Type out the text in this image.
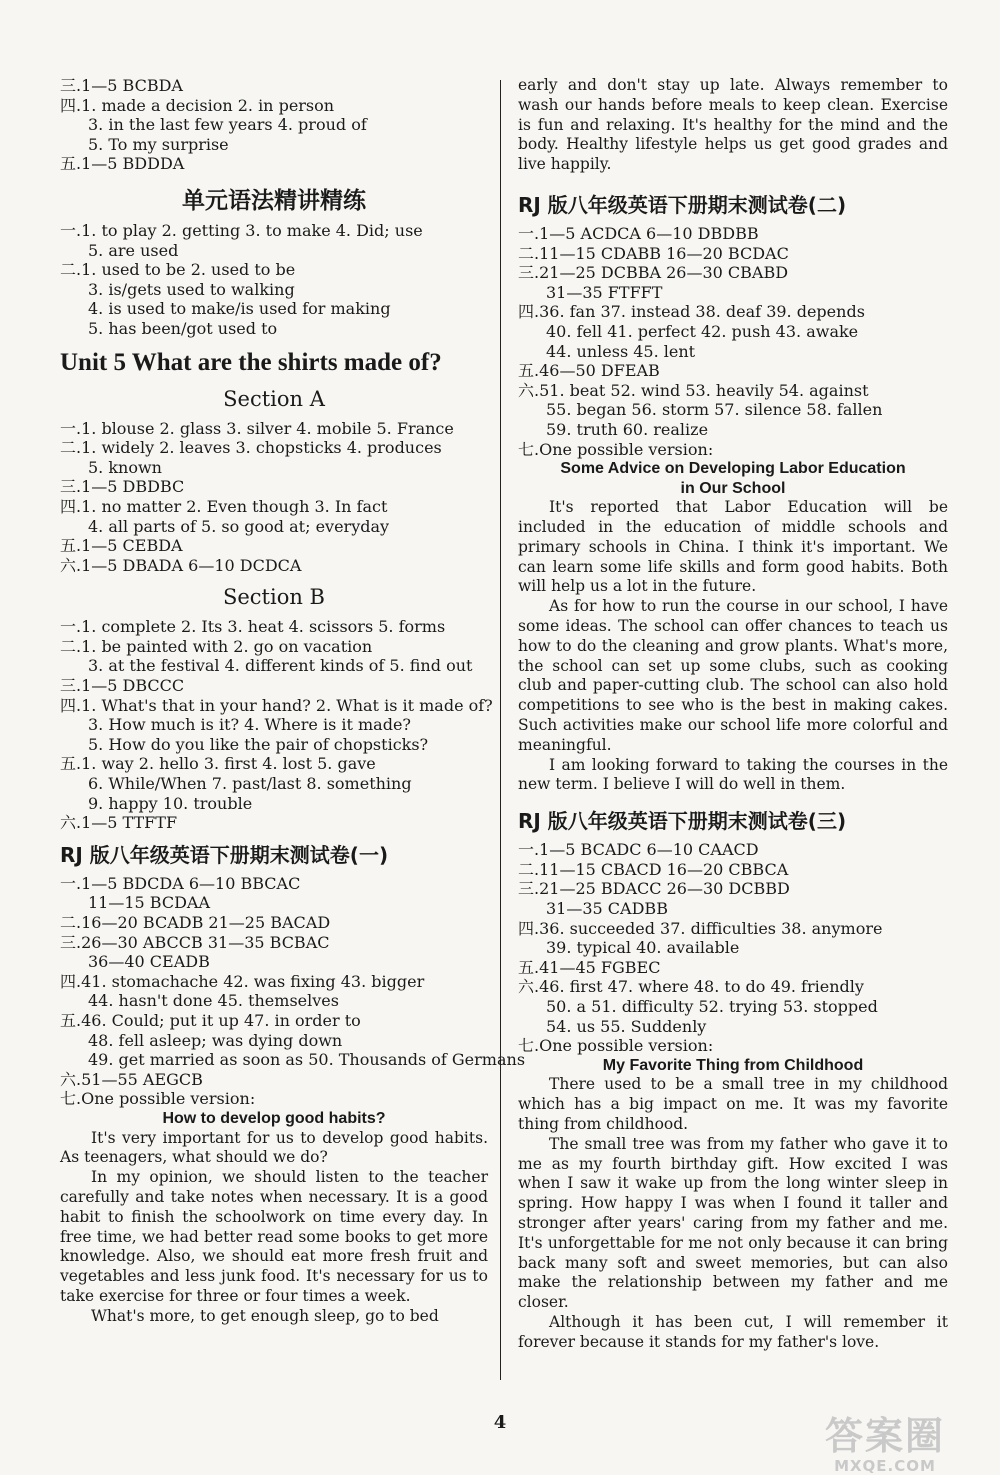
三.1—5 BCBDA
四.1. made a decision 2. in person
3. in the last few years 4. proud of
5. To my surprise
五.1—5 BDDDA
单元语法精讲精练
一.1. to play 2. getting 3. to make 4. Did; use
5. are used
二.1. used to be 2. used to be
3. is/gets used to walking
4. is used to make/is used for making
5. has been/got used to
Unit 5 What are the shirts made of?
Section A
一.1. blouse 2. glass 3. silver 4. mobile 5. France
二.1. widely 2. leaves 3. chopsticks 4. produces
5. known
三.1—5 DBDBC
四.1. no matter 2. Even though 3. In fact
4. all parts of 5. so good at; everyday
五.1—5 CEBDA
六.1—5 DBADA 6—10 DCDCA
Section B
一.1. complete 2. Its 3. heat 4. scissors 5. forms
二.1. be painted with 2. go on vacation
3. at the festival 4. different kinds of 5. find out
三.1—5 DBCCC
四.1. What's that in your hand? 2. What is it made of?
3. How much is it? 4. Where is it made?
5. How do you like the pair of chopsticks?
五.1. way 2. hello 3. first 4. lost 5. gave
6. While/When 7. past/last 8. something
9. happy 10. trouble
六.1—5 TTFTF
RJ 版八年级英语下册期末测试卷(一)
一.1—5 BDCDA 6—10 BBCAC
11—15 BCDAA
二.16—20 BCADB 21—25 BACAD
三.26—30 ABCCB 31—35 BCBAC
36—40 CEADB
四.41. stomachache 42. was fixing 43. bigger
44. hasn't done 45. themselves
五.46. Could; put it up 47. in order to
48. fell asleep; was dying down
49. get married as soon as 50. Thousands of Germans
六.51—55 AEGCB
七.One possible version:
How to develop good habits?

It's very important for us to develop good habits. As teenagers, what should we do?

In my opinion, we should listen to the teacher carefully and take notes when necessary. It is a good habit to finish the schoolwork on time every day. In free time, we had better read some books to get more knowledge. Also, we should eat more fresh fruit and vegetables and less junk food. It's necessary for us to take exercise for three or four times a week.

What's more, to get enough sleep, go to bed

early and don't stay up late. Always remember to wash our hands before meals to keep clean. Exercise is fun and relaxing. It's healthy for the mind and the body. Healthy lifestyle helps us get good grades and live happily.

RJ 版八年级英语下册期末测试卷(二)
一.1—5 ACDCA 6—10 DBDBB
二.11—15 CDABB 16—20 BCDAC
三.21—25 DCBBA 26—30 CBABD
31—35 FTFFT
四.36. fan 37. instead 38. deaf 39. depends
40. fell 41. perfect 42. push 43. awake
44. unless 45. lent
五.46—50 DFEAB
六.51. beat 52. wind 53. heavily 54. against
55. began 56. storm 57. silence 58. fallen
59. truth 60. realize
七.One possible version:
Some Advice on Developing Labor Education
in Our School

It's reported that Labor Education will be included in the education of middle schools and primary schools in China. I think it's important. We can learn some life skills and form good habits. Both will help us a lot in the future.

As for how to run the course in our school, I have some ideas. The school can offer chances to teach us how to do the cleaning and grow plants. What's more, the school can set up some clubs, such as cooking club and paper-cutting club. The school can also hold competitions to see who is the best in making cakes. Such activities make our school life more colorful and meaningful.

I am looking forward to taking the courses in the new term. I believe I will do well in them.

RJ 版八年级英语下册期末测试卷(三)
一.1—5 BCADC 6—10 CAACD
二.11—15 CBACD 16—20 CBBCA
三.21—25 BDACC 26—30 DCBBD
31—35 CADBB
四.36. succeeded 37. difficulties 38. anymore
39. typical 40. available
五.41—45 FGBEC
六.46. first 47. where 48. to do 49. friendly
50. a 51. difficulty 52. trying 53. stopped
54. us 55. Suddenly
七.One possible version:
My Favorite Thing from Childhood

There used to be a small tree in my childhood which has a big impact on me. It was my favorite thing from childhood.

The small tree was from my father who gave it to me as my fourth birthday gift. How excited I was when I saw it wake up from the long winter sleep in spring. How happy I was when I found it taller and stronger after years' caring from my father and me. It's unforgettable for me not only because it can bring back many soft and sweet memories, but can also make the relationship between my father and me closer.

Although it has been cut, I will remember it forever because it stands for my father's love.

4	答案圈
MXQE.COM
